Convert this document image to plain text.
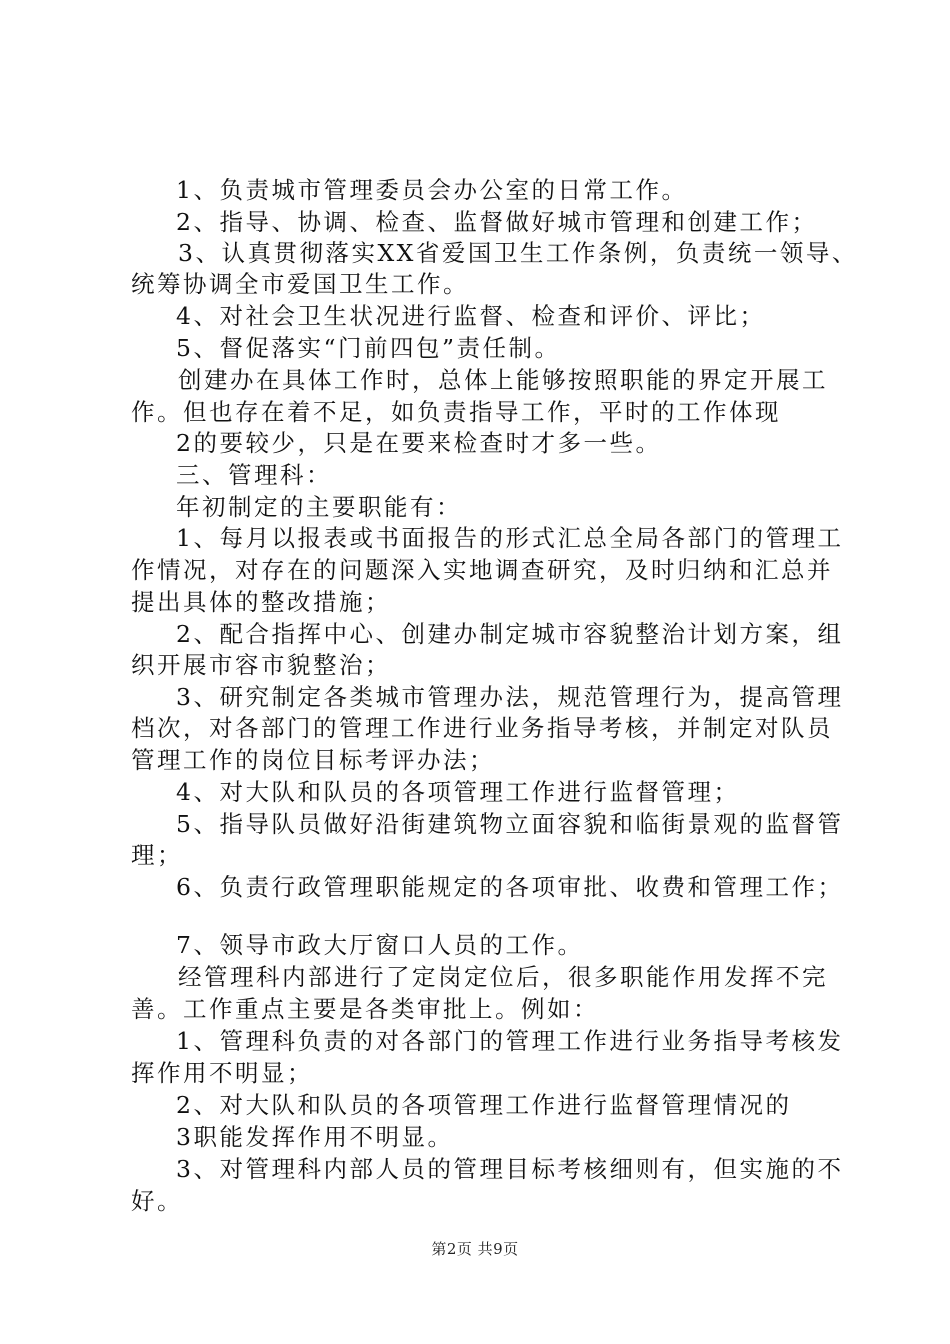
1、负责城市管理委员会办公室的日常工作。
2、指导、协调、检查、监督做好城市管理和创建工作；
3、认真贯彻落实XX省爱国卫生工作条例，负责统一领导、
统筹协调全市爱国卫生工作。
4、对社会卫生状况进行监督、检查和评价、评比；
5、督促落实“门前四包”责任制。
创建办在具体工作时，总体上能够按照职能的界定开展工
作。但也存在着不足，如负责指导工作，平时的工作体现
2的要较少，只是在要来检查时才多一些。
三、管理科：
年初制定的主要职能有：
1、每月以报表或书面报告的形式汇总全局各部门的管理工
作情况，对存在的问题深入实地调查研究，及时归纳和汇总并
提出具体的整改措施；
2、配合指挥中心、创建办制定城市容貌整治计划方案，组
织开展市容市貌整治；
3、研究制定各类城市管理办法，规范管理行为，提高管理
档次，对各部门的管理工作进行业务指导考核，并制定对队员
管理工作的岗位目标考评办法；
4、对大队和队员的各项管理工作进行监督管理；
5、指导队员做好沿街建筑物立面容貌和临街景观的监督管
理；
6、负责行政管理职能规定的各项审批、收费和管理工作；
7、领导市政大厅窗口人员的工作。
经管理科内部进行了定岗定位后，很多职能作用发挥不完
善。工作重点主要是各类审批上。例如：
1、管理科负责的对各部门的管理工作进行业务指导考核发
挥作用不明显；
2、对大队和队员的各项管理工作进行监督管理情况的
3职能发挥作用不明显。
3、对管理科内部人员的管理目标考核细则有，但实施的不
好。
第2页 共9页
